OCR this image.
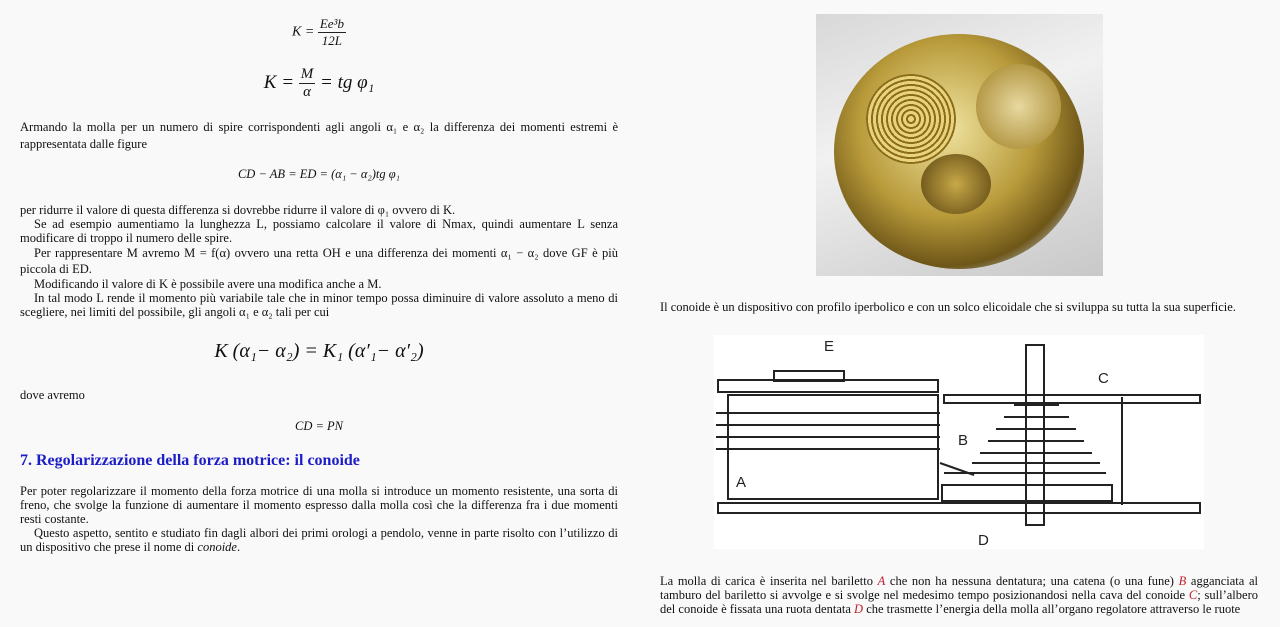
$K = \frac{\text{Ee³b}}{12L}$
$K = \frac{M}{\alpha}$ = tg φ₁

Armando la molla per un numero di spire corrispondenti agli angoli α₁ e α₂ la differenza dei momenti estremi è rappresentata dalle figure

CD − AB = ED = (α₁ − α₂)tg φ₁

per ridurre il valore di questa differenza si dovrebbe ridurre il valore di φ₁ ovvero di K.

Se ad esempio aumentiamo la lunghezza L, possiamo calcolare il valore di Nmax, quindi aumentare L senza modificare di troppo il numero delle spire.

Per rappresentare M avremo M = f(α) ovvero una retta OH e una differenza dei momenti α₁ − α₂ dove GF è più piccola di ED.

Modificando il valore di K è possibile avere una modifica anche a M.

In tal modo L rende il momento più variabile tale che in minor tempo possa diminuire di valore assoluto a meno di scegliere, nei limiti del possibile, gli angoli α₁ e α₂ tali per cui

K (α₁− α₂) = K₁ (α′₁− α′₂)

dove avremo

CD = PN
7. Regolarizzazione della forza motrice: il conoide

Per poter regolarizzare il momento della forza motrice di una molla si introduce un momento resistente, una sorta di freno, che svolge la funzione di aumentare il momento espresso dalla molla così che la differenza fra i due momenti resti costante.

Questo aspetto, sentito e studiato fin dagli albori dei primi orologi a pendolo, venne in parte risolto con l’utilizzo di un dispositivo che prese il nome di conoide.

Il conoide è un dispositivo con profilo iperbolico e con un solco elicoidale che si sviluppa su tutta la sua superficie.

A
B
C
D
E

La molla di carica è inserita nel bariletto A che non ha nessuna dentatura; una catena (o una fune) B agganciata al tamburo del bariletto si avvolge e si svolge nel medesimo tempo posizionandosi nella cava del conoide C; sull’albero del conoide è fissata una ruota dentata D che trasmette l’energia della molla all’organo regolatore attraverso le ruote
